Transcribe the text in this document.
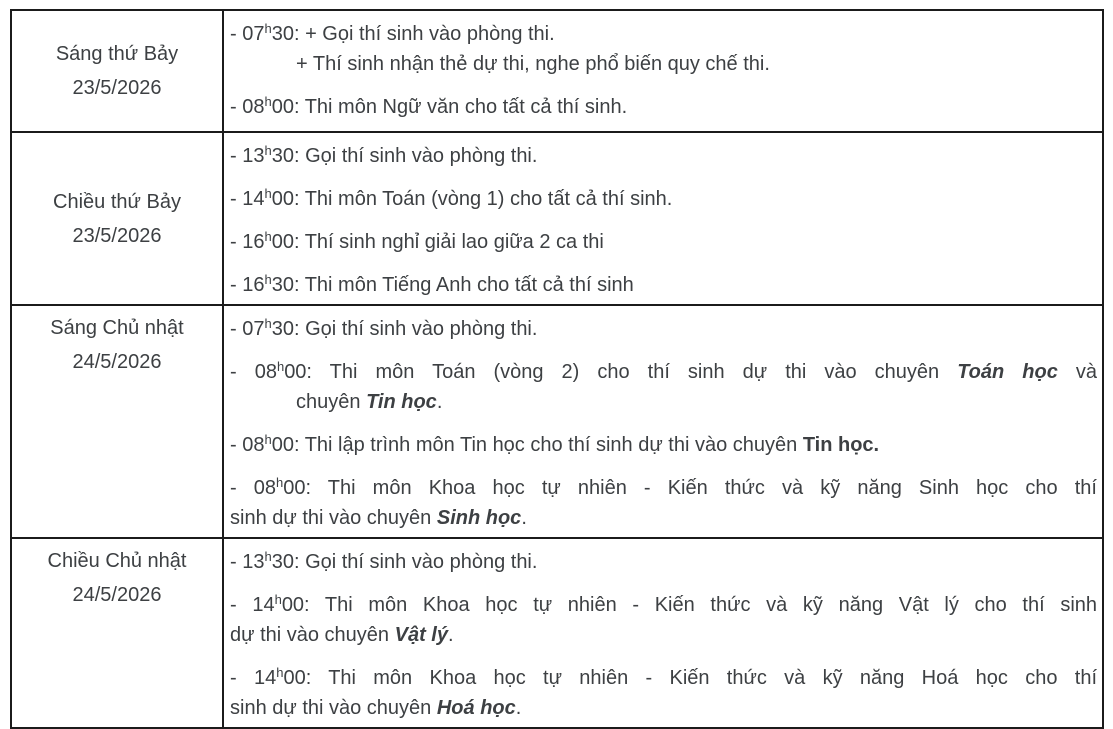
Sáng thứ Bảy
23/5/2026

- $07^h30$: + Gọi thí sinh vào phòng thi.
+ Thí sinh nhận thẻ dự thi, nghe phổ biến quy chế thi.
- 08$^h$00: Thi môn Ngữ văn cho tất cả thí sinh.

Chiều thứ Bảy
23/5/2026

- 13$^h$30: Gọi thí sinh vào phòng thi.
- 14$^h$00: Thi môn Toán (vòng 1) cho tất cả thí sinh.
- 16$^h$00: Thí sinh nghỉ giải lao giữa 2 ca thi
- 16$^h$30: Thi môn Tiếng Anh cho tất cả thí sinh

Sáng Chủ nhật
24/5/2026

- 07$^h$30: Gọi thí sinh vào phòng thi.
- 08$^h$00: Thi môn Toán (vòng 2) cho thí sinh dự thi vào chuyên Toán học và
chuyên Tin học.
- 08$^h$00: Thi lập trình môn Tin học cho thí sinh dự thi vào chuyên Tin học.
- 08$^h$00: Thi môn Khoa học tự nhiên - Kiến thức và kỹ năng Sinh học cho thí
sinh dự thi vào chuyên Sinh học.

Chiều Chủ nhật
24/5/2026

- 13$^h$30: Gọi thí sinh vào phòng thi.
- 14$^h$00: Thi môn Khoa học tự nhiên - Kiến thức và kỹ năng Vật lý cho thí sinh
dự thi vào chuyên Vật lý.
- 14$^h$00: Thi môn Khoa học tự nhiên - Kiến thức và kỹ năng Hoá học cho thí
sinh dự thi vào chuyên Hoá học.
